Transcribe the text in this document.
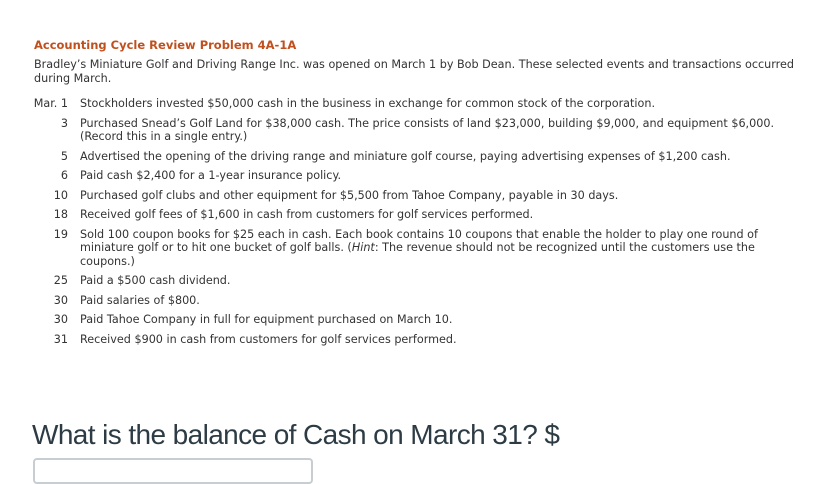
Accounting Cycle Review Problem 4A-1A
Bradley’s Miniature Golf and Driving Range Inc. was opened on March 1 by Bob Dean. These selected events and transactions occurred during March.
Mar. 1	Stockholders invested $50,000 cash in the business in exchange for common stock of the corporation.
3	Purchased Snead’s Golf Land for $38,000 cash. The price consists of land $23,000, building $9,000, and equipment $6,000. (Record this in a single entry.)
5	Advertised the opening of the driving range and miniature golf course, paying advertising expenses of $1,200 cash.
6	Paid cash $2,400 for a 1-year insurance policy.
10	Purchased golf clubs and other equipment for $5,500 from Tahoe Company, payable in 30 days.
18	Received golf fees of $1,600 in cash from customers for golf services performed.
19	Sold 100 coupon books for $25 each in cash. Each book contains 10 coupons that enable the holder to play one round of miniature golf or to hit one bucket of golf balls. (Hint: The revenue should not be recognized until the customers use the coupons.)
25	Paid a $500 cash dividend.
30	Paid salaries of $800.
30	Paid Tahoe Company in full for equipment purchased on March 10.
31	Received $900 in cash from customers for golf services performed.
What is the balance of Cash on March 31? $
